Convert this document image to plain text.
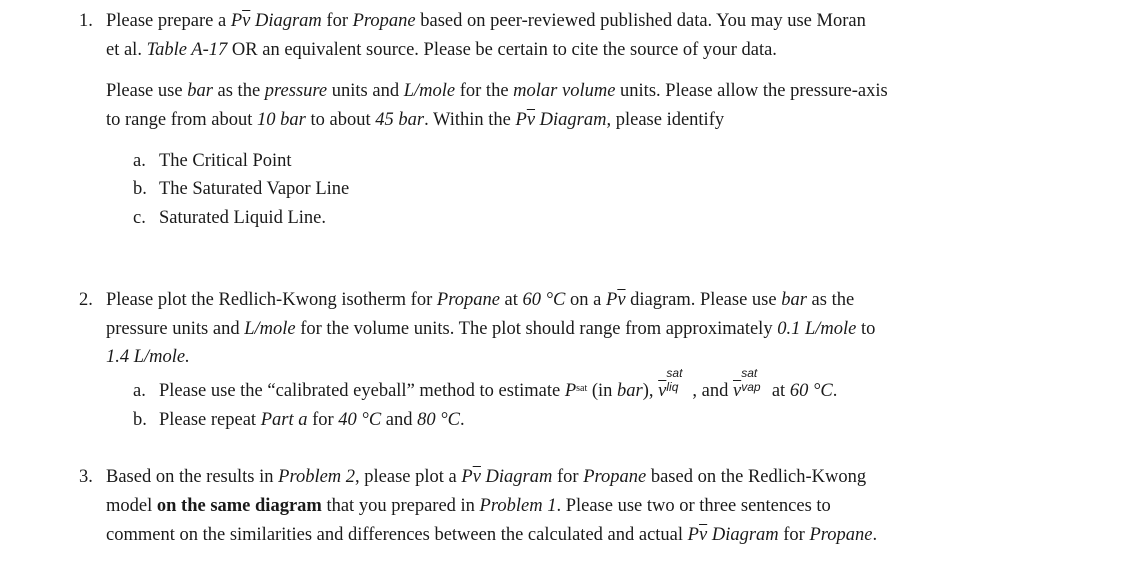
1. Please prepare a $P\overline{v}$ Diagram for Propane based on peer-reviewed published data. You may use Moran
et al. Table A-17 OR an equivalent source. Please be certain to cite the source of your data.
Please use bar as the pressure units and L/mole for the molar volume units. Please allow the pressure-axis
to range from about 10 bar to about 45 bar. Within the $P\overline{v}$ Diagram, please identify
a. The Critical Point
b. The Saturated Vapor Line
c. Saturated Liquid Line.
2. Please plot the Redlich-Kwong isotherm for Propane at 60 °C on a $P\overline{v}$ diagram. Please use bar as the
pressure units and L/mole for the volume units. The plot should range from approximately 0.1 L/mole to
1.4 L/mole.
a. Please use the “calibrated eyeball” method to estimate $P^{sat}$ (in bar), $\overline{v}$
sat
liq , and $\overline{v}$
sat
vap at 60 °C.
b. Please repeat Part a for 40 °C and 80 °C.
3. Based on the results in Problem 2, please plot a $P\overline{v}$ Diagram for Propane based on the Redlich-Kwong
model on the same diagram that you prepared in Problem 1. Please use two or three sentences to
comment on the similarities and differences between the calculated and actual $P\overline{v}$ Diagram for Propane.
